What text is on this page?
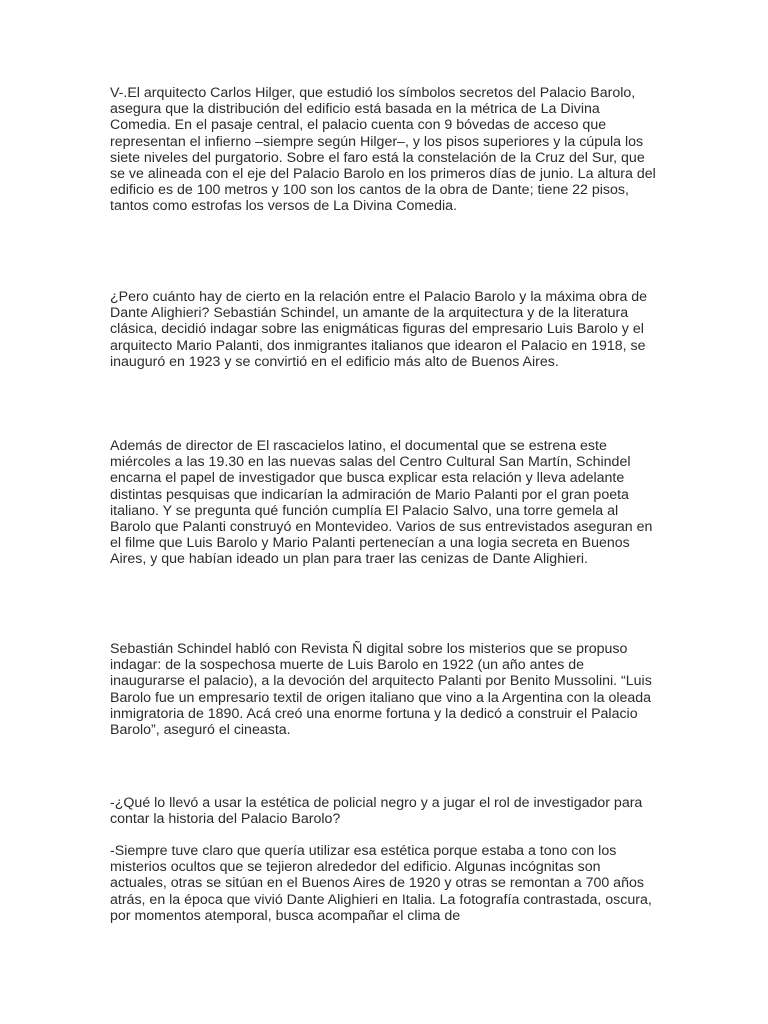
V-.El arquitecto Carlos Hilger, que estudió los símbolos secretos del Palacio Barolo, asegura que la distribución del edificio está basada en la métrica de La Divina Comedia. En el pasaje central, el palacio cuenta con 9 bóvedas de acceso que representan el infierno –siempre según Hilger–, y los pisos superiores y la cúpula los siete niveles del purgatorio. Sobre el faro está la constelación de la Cruz del Sur, que se ve alineada con el eje del Palacio Barolo en los primeros días de junio. La altura del edificio es de 100 metros y 100 son los cantos de la obra de Dante; tiene 22 pisos, tantos como estrofas los versos de La Divina Comedia.

¿Pero cuánto hay de cierto en la relación entre el Palacio Barolo y la máxima obra de Dante Alighieri? Sebastián Schindel, un amante de la arquitectura y de la literatura clásica, decidió indagar sobre las enigmáticas figuras del empresario Luis Barolo y el arquitecto Mario Palanti, dos inmigrantes italianos que idearon el Palacio en 1918, se inauguró en 1923 y se convirtió en el edificio más alto de Buenos Aires.

Además de director de El rascacielos latino, el documental que se estrena este miércoles a las 19.30 en las nuevas salas del Centro Cultural San Martín, Schindel encarna el papel de investigador que busca explicar esta relación y lleva adelante distintas pesquisas que indicarían la admiración de Mario Palanti por el gran poeta italiano. Y se pregunta qué función cumplía El Palacio Salvo, una torre gemela al Barolo que Palanti construyó en Montevideo. Varios de sus entrevistados aseguran en el filme que Luis Barolo y Mario Palanti pertenecían a una logia secreta en Buenos Aires, y que habían ideado un plan para traer las cenizas de Dante Alighieri.

Sebastián Schindel habló con Revista Ñ digital sobre los misterios que se propuso indagar: de la sospechosa muerte de Luis Barolo en 1922 (un año antes de inaugurarse el palacio), a la devoción del arquitecto Palanti por Benito Mussolini. “Luis Barolo fue un empresario textil de origen italiano que vino a la Argentina con la oleada inmigratoria de 1890. Acá creó una enorme fortuna y la dedicó a construir el Palacio Barolo”, aseguró el cineasta.

-¿Qué lo llevó a usar la estética de policial negro y a jugar el rol de investigador para contar la historia del Palacio Barolo?

-Siempre tuve claro que quería utilizar esa estética porque estaba a tono con los misterios ocultos que se tejieron alrededor del edificio. Algunas incógnitas son actuales, otras se sitúan en el Buenos Aires de 1920 y otras se remontan a 700 años atrás, en la época que vivió Dante Alighieri en Italia. La fotografía contrastada, oscura, por momentos atemporal, busca acompañar el clima de
